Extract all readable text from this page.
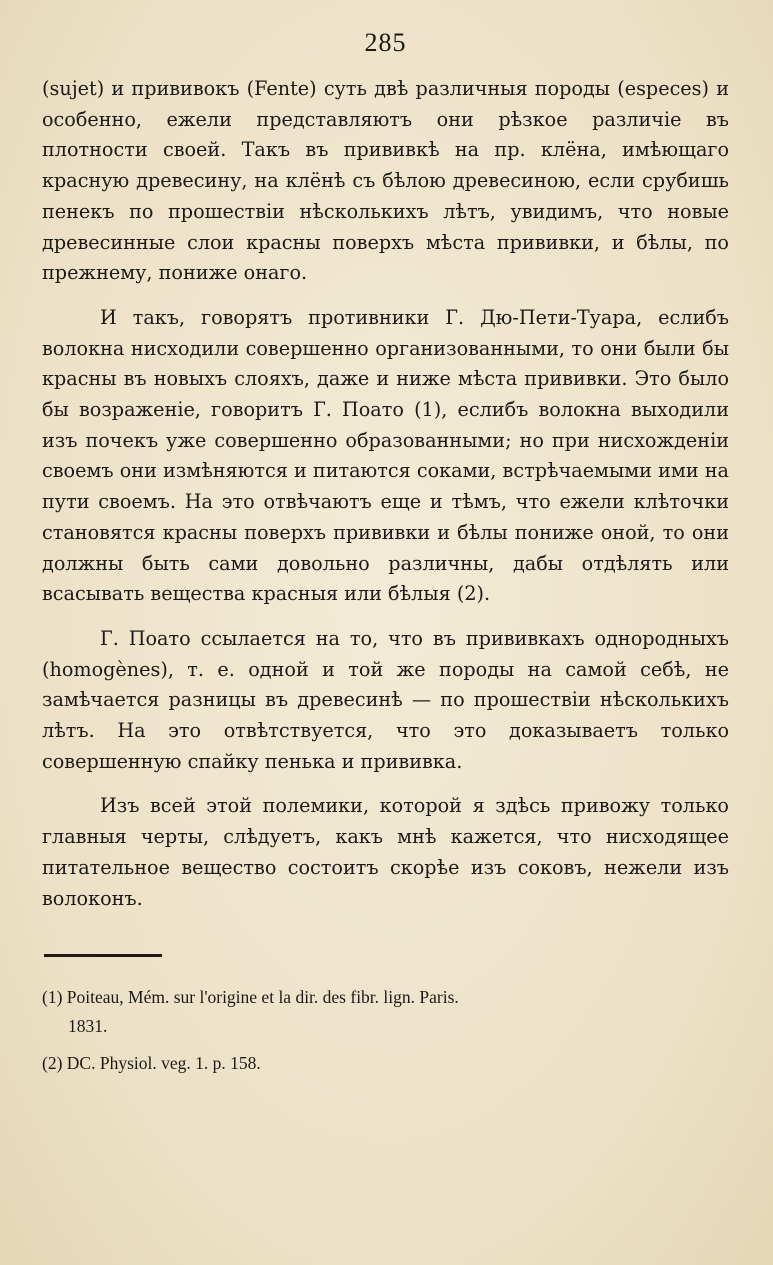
285

(sujet) и прививокъ (Fente) суть двѣ различныя породы (especes) и особенно, ежели представляютъ они рѣзкое различіе въ плотности своей. Такъ въ прививкѣ на пр. клёна, имѣющаго красную древесину, на клёнѣ съ бѣлою древесиною, если срубишь пенекъ по прошествіи нѣсколькихъ лѣтъ, увидимъ, что новые древесинные слои красны поверхъ мѣста прививки, и бѣлы, по прежнему, пониже онаго.

И такъ, говорятъ противники Г. Дю-Пети-Туара, еслибъ волокна нисходили совершенно организованными, то они были бы красны въ новыхъ слояхъ, даже и ниже мѣста прививки. Это было бы возраженіе, говоритъ Г. Поато (1), еслибъ волокна выходили изъ почекъ уже совершенно образованными; но при нисхожденіи своемъ они измѣняются и питаются соками, встрѣчаемыми ими на пути своемъ. На это отвѣчаютъ еще и тѣмъ, что ежели клѣточки становятся красны поверхъ прививки и бѣлы пониже оной, то они должны быть сами довольно различны, дабы отдѣлять или всасывать вещества красныя или бѣлыя (2).

Г. Поато ссылается на то, что въ прививкахъ однородныхъ (homogènes), т. е. одной и той же породы на самой себѣ, не замѣчается разницы въ древесинѣ — по прошествіи нѣсколькихъ лѣтъ. На это отвѣтствуется, что это доказываетъ только совершенную спайку пенька и прививка.

Изъ всей этой полемики, которой я здѣсь привожу только главныя черты, слѣдуетъ, какъ мнѣ кажется, что нисходящее питательное вещество состоитъ скорѣе изъ соковъ, нежели изъ волоконъ.

(1) Poiteau, Mém. sur l'origine et la dir. des fibr. lign. Paris.
1831.

(2) DC. Physiol. veg. 1. p. 158.
